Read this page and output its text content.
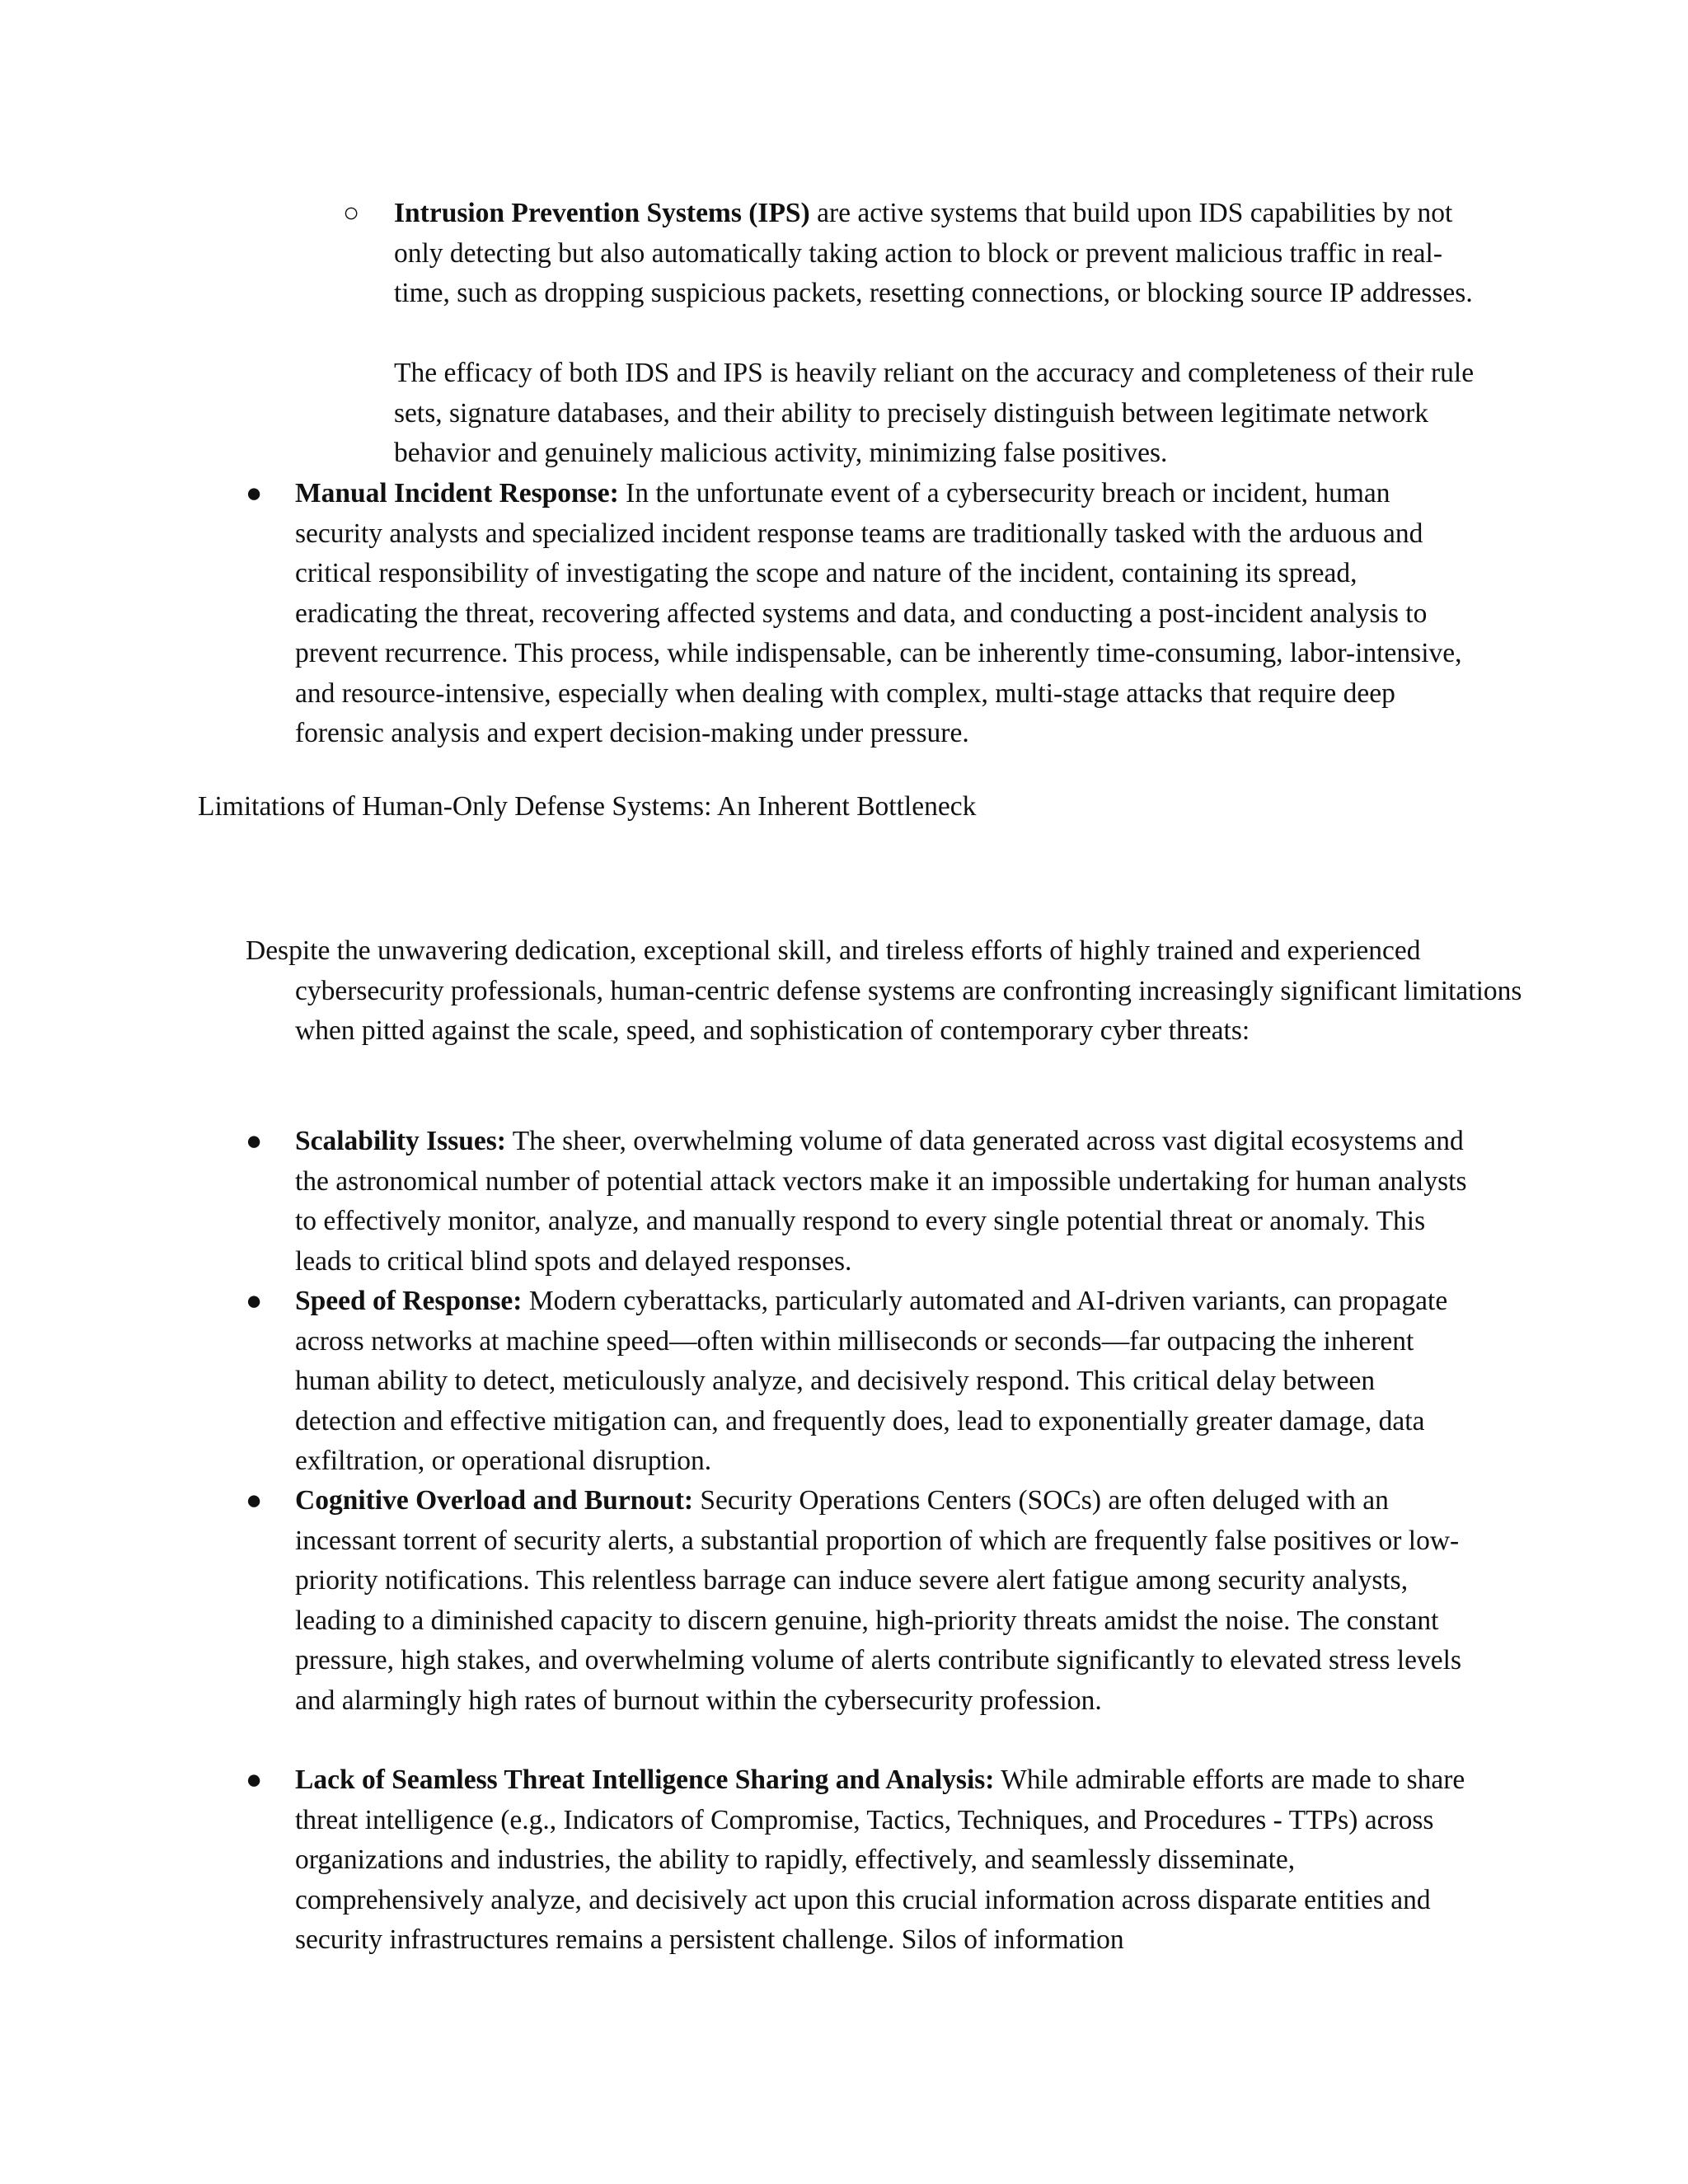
○ Intrusion Prevention Systems (IPS) are active systems that build upon IDS capabilities by not only detecting but also automatically taking action to block or prevent malicious traffic in real-time, such as dropping suspicious packets, resetting connections, or blocking source IP addresses.
The efficacy of both IDS and IPS is heavily reliant on the accuracy and completeness of their rule sets, signature databases, and their ability to precisely distinguish between legitimate network behavior and genuinely malicious activity, minimizing false positives.
● Manual Incident Response: In the unfortunate event of a cybersecurity breach or incident, human security analysts and specialized incident response teams are traditionally tasked with the arduous and critical responsibility of investigating the scope and nature of the incident, containing its spread, eradicating the threat, recovering affected systems and data, and conducting a post-incident analysis to prevent recurrence. This process, while indispensable, can be inherently time-consuming, labor-intensive, and resource-intensive, especially when dealing with complex, multi-stage attacks that require deep forensic analysis and expert decision-making under pressure.
Limitations of Human-Only Defense Systems: An Inherent Bottleneck
Despite the unwavering dedication, exceptional skill, and tireless efforts of highly trained and experienced cybersecurity professionals, human-centric defense systems are confronting increasingly significant limitations when pitted against the scale, speed, and sophistication of contemporary cyber threats:
● Scalability Issues: The sheer, overwhelming volume of data generated across vast digital ecosystems and the astronomical number of potential attack vectors make it an impossible undertaking for human analysts to effectively monitor, analyze, and manually respond to every single potential threat or anomaly. This leads to critical blind spots and delayed responses.
● Speed of Response: Modern cyberattacks, particularly automated and AI-driven variants, can propagate across networks at machine speed—often within milliseconds or seconds—far outpacing the inherent human ability to detect, meticulously analyze, and decisively respond. This critical delay between detection and effective mitigation can, and frequently does, lead to exponentially greater damage, data exfiltration, or operational disruption.
● Cognitive Overload and Burnout: Security Operations Centers (SOCs) are often deluged with an incessant torrent of security alerts, a substantial proportion of which are frequently false positives or low-priority notifications. This relentless barrage can induce severe alert fatigue among security analysts, leading to a diminished capacity to discern genuine, high-priority threats amidst the noise. The constant pressure, high stakes, and overwhelming volume of alerts contribute significantly to elevated stress levels and alarmingly high rates of burnout within the cybersecurity profession.
● Lack of Seamless Threat Intelligence Sharing and Analysis: While admirable efforts are made to share threat intelligence (e.g., Indicators of Compromise, Tactics, Techniques, and Procedures - TTPs) across organizations and industries, the ability to rapidly, effectively, and seamlessly disseminate, comprehensively analyze, and decisively act upon this crucial information across disparate entities and security infrastructures remains a persistent challenge. Silos of information
